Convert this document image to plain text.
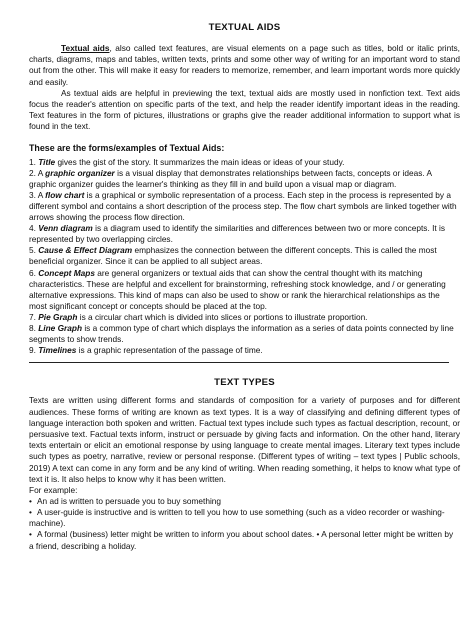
TEXTUAL AIDS

Textual aids, also called text features, are visual elements on a page such as titles, bold or italic prints, charts, diagrams, maps and tables, written texts, prints and some other way of writing for an important word to stand out from the other. This will make it easy for readers to memorize, remember, and learn important words more quickly and easily.

As textual aids are helpful in previewing the text, textual aids are mostly used in nonfiction text. Text aids focus the reader's attention on specific parts of the text, and help the reader identify important ideas in the reading. Text features in the form of pictures, illustrations or graphs give the reader additional information to support what is found in the text.

These are the forms/examples of Textual Aids:
1. Title gives the gist of the story. It summarizes the main ideas or ideas of your study.
2. A graphic organizer is a visual display that demonstrates relationships between facts, concepts or ideas. A graphic organizer guides the learner's thinking as they fill in and build upon a visual map or diagram.
3. A flow chart is a graphical or symbolic representation of a process. Each step in the process is represented by a different symbol and contains a short description of the process step. The flow chart symbols are linked together with arrows showing the process flow direction.
4. Venn diagram is a diagram used to identify the similarities and differences between two or more concepts. It is represented by two overlapping circles.
5. Cause & Effect Diagram emphasizes the connection between the different concepts. This is called the most beneficial organizer. Since it can be applied to all subject areas.
6. Concept Maps are general organizers or textual aids that can show the central thought with its matching characteristics. These are helpful and excellent for brainstorming, refreshing stock knowledge, and / or generating alternative expressions. This kind of maps can also be used to show or rank the hierarchical relationships as the most significant concept or concepts should be placed at the top.
7. Pie Graph is a circular chart which is divided into slices or portions to illustrate proportion.
8. Line Graph is a common type of chart which displays the information as a series of data points connected by line segments to show trends.
9. Timelines is a graphic representation of the passage of time.
TEXT TYPES

Texts are written using different forms and standards of composition for a variety of purposes and for different audiences. These forms of writing are known as text types. It is a way of classifying and defining different types of language interaction both spoken and written. Factual text types include such types as factual description, recount, or persuasive text. Factual texts inform, instruct or persuade by giving facts and information. On the other hand, literary texts entertain or elicit an emotional response by using language to create mental images. Literary text types include such types as poetry, narrative, review or personal response. (Different types of writing – text types | Public schools, 2019) A text can come in any form and be any kind of writing. When reading something, it helps to know what type of text it is. It also helps to know why it has been written.

For example:
• An ad is written to persuade you to buy something
• A user-guide is instructive and is written to tell you how to use something (such as a video recorder or washing-machine).
• A formal (business) letter might be written to inform you about school dates. • A personal letter might be written by a friend, describing a holiday.
